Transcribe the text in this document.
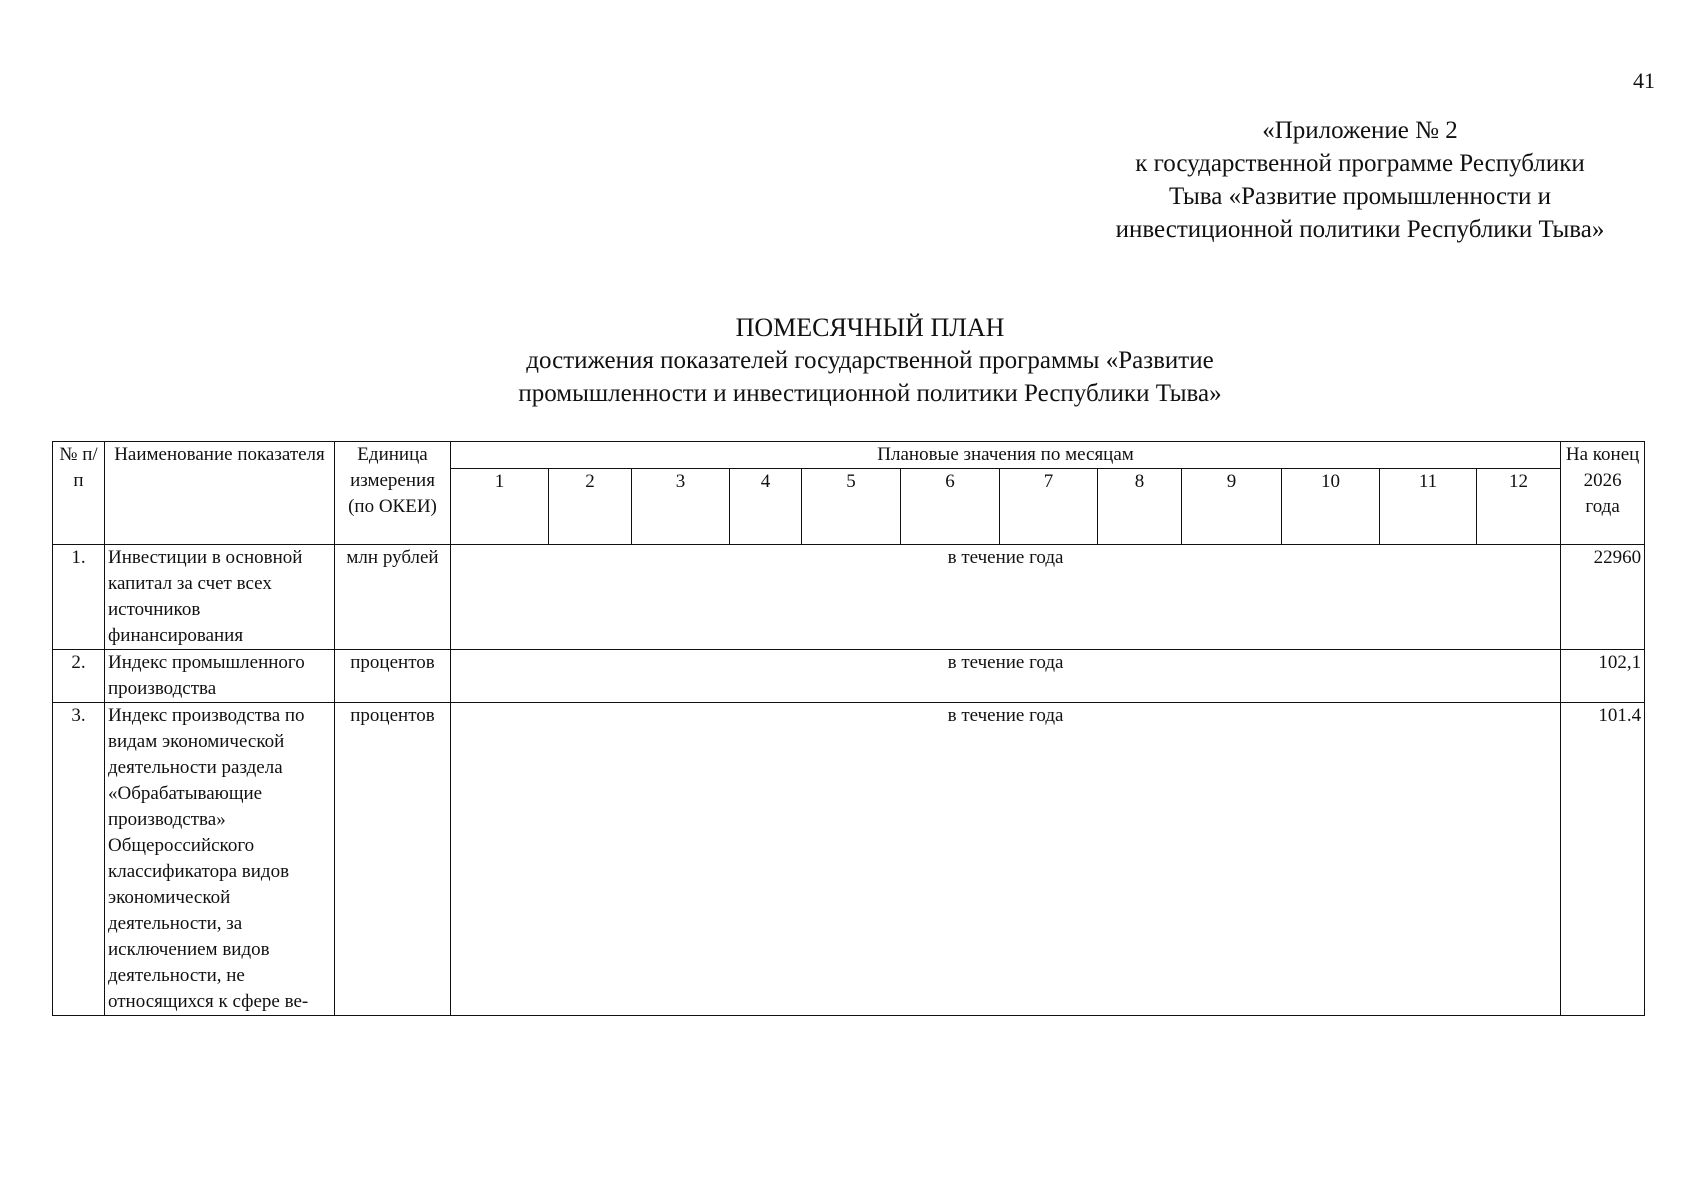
41
«Приложение № 2
к государственной программе Республики
Тыва «Развитие промышленности и
инвестиционной политики Республики Тыва»
ПОМЕСЯЧНЫЙ ПЛАН
достижения показателей государственной программы «Развитие
промышленности и инвестиционной политики Республики Тыва»
№ п/п	Наименование показателя	Единица измерения (по ОКЕИ)	Плановые значения по месяцам												На конец 2026 года
			1	2	3	4	5	6	7	8	9	10	11	12	
1.	Инвестиции в основной капитал за счет всех источников финансирования	млн рублей	в течение года												22960
2.	Индекс промышленного производства	процентов	в течение года												102,1
3.	Индекс производства по видам экономической деятельности раздела «Обрабатывающие производства» Общероссийского классификатора видов экономической деятельности, за исключением видов деятельности, не относящихся к сфере ве-	процентов	в течение года												101.4
